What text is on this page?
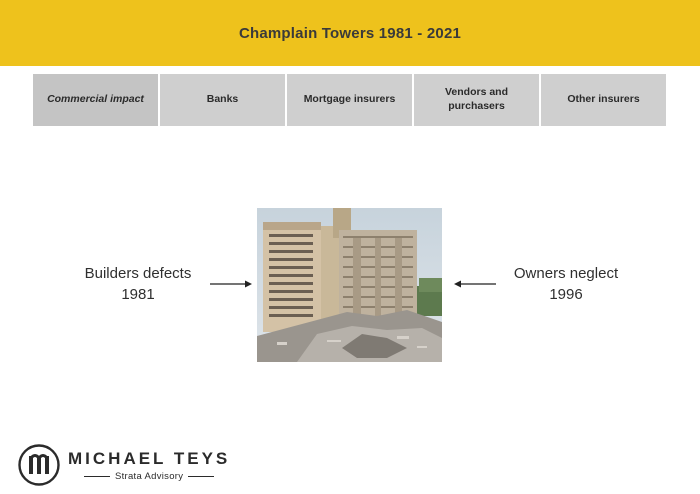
Champlain Towers 1981 - 2021
Commercial impact	Banks	Mortgage insurers
Vendors and purchasers
Other insurers
Builders defects
1981
Owners neglect
1996
MICHAEL TEYS
Strata Advisory
